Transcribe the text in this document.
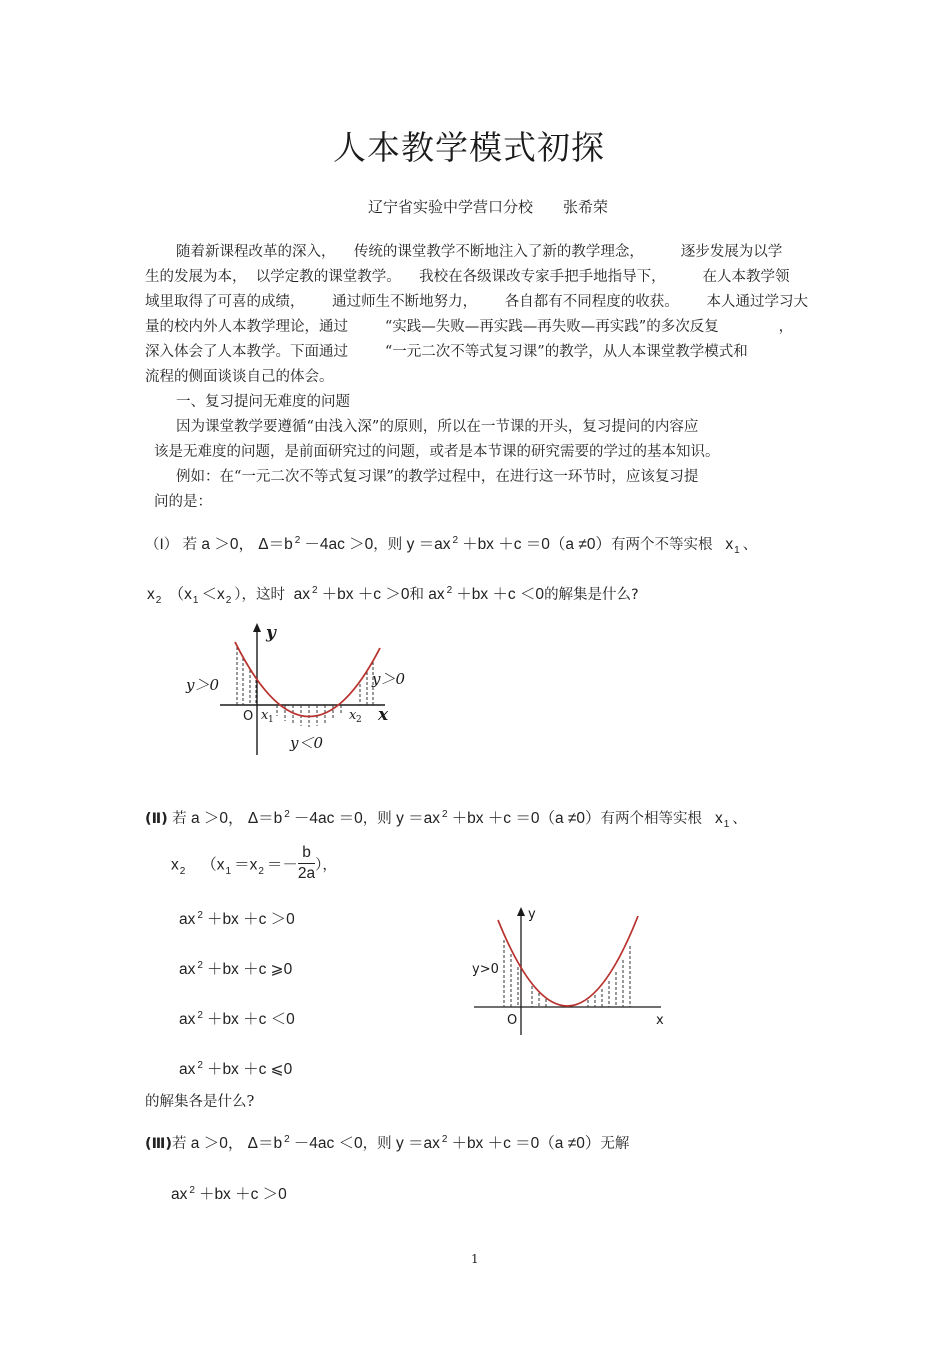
人本教学模式初探
辽宁省实验中学营口分校 张希荣
随着新课程改革的深入，    传统的课堂教学不断地注入了新的教学理念，        逐步发展为以学
生的发展为本，  以学定教的课堂教学。    我校在各级课改专家手把手地指导下，        在人本教学领
域里取得了可喜的成绩，      通过师生不断地努力，      各自都有不同程度的收获。      本人通过学习大
量的校内外人本教学理论，通过        “实践—失败—再实践—再失败—再实践”的多次反复             ，
深入体会了人本教学。下面通过        “一元二次不等式复习课”的教学，从人本课堂教学模式和
流程的侧面谈谈自己的体会。
一、复习提问无难度的问题
因为课堂教学要遵循“由浅入深”的原则，所以在一节课的开头，复习提问的内容应
该是无难度的问题，是前面研究过的问题，或者是本节课的研究需要的学过的基本知识。
例如：在“一元二次不等式复习课”的教学过程中，在进行这一环节时，应该复习提
问的是：
（Ⅰ） 若 a ＞0， Δ＝b $^2$ －4ac ＞0，则 y ＝ax $^2$ ＋bx ＋c ＝0（a ≠0）有两个不等实根 $x_1$ 、
$x_2$ （$x_1 <x_2$ ），这时 ax $^2$ ＋bx ＋c ＞0和 ax $^2$ ＋bx ＋c ＜0的解集是什么?
y
x
O x 1	x 2
y＞0	y＞0
y＜0
(Ⅱ) 若 a ＞0， Δ＝b $^2$ －4ac ＝0，则 y ＝ax $^2$ ＋bx ＋c ＝0（a ≠0）有两个相等实根 $x_1$ 、
$x_2$ （$x_1 =x_2 =- \frac{b}{2a}$ ），
ax $^2$ ＋bx ＋c ＞0
ax $^2$ ＋bx ＋c ⩾0
ax $^2$ ＋bx ＋c ＜0
ax $^2$ ＋bx ＋c ⩽0
的解集各是什么?
y
x
O
y>0
(Ⅲ)若 a ＞0， Δ＝b $^2$ －4ac ＜0，则 y ＝ax $^2$ ＋bx ＋c ＝0（a ≠0）无解
ax $^2$ ＋bx ＋c ＞0
1
